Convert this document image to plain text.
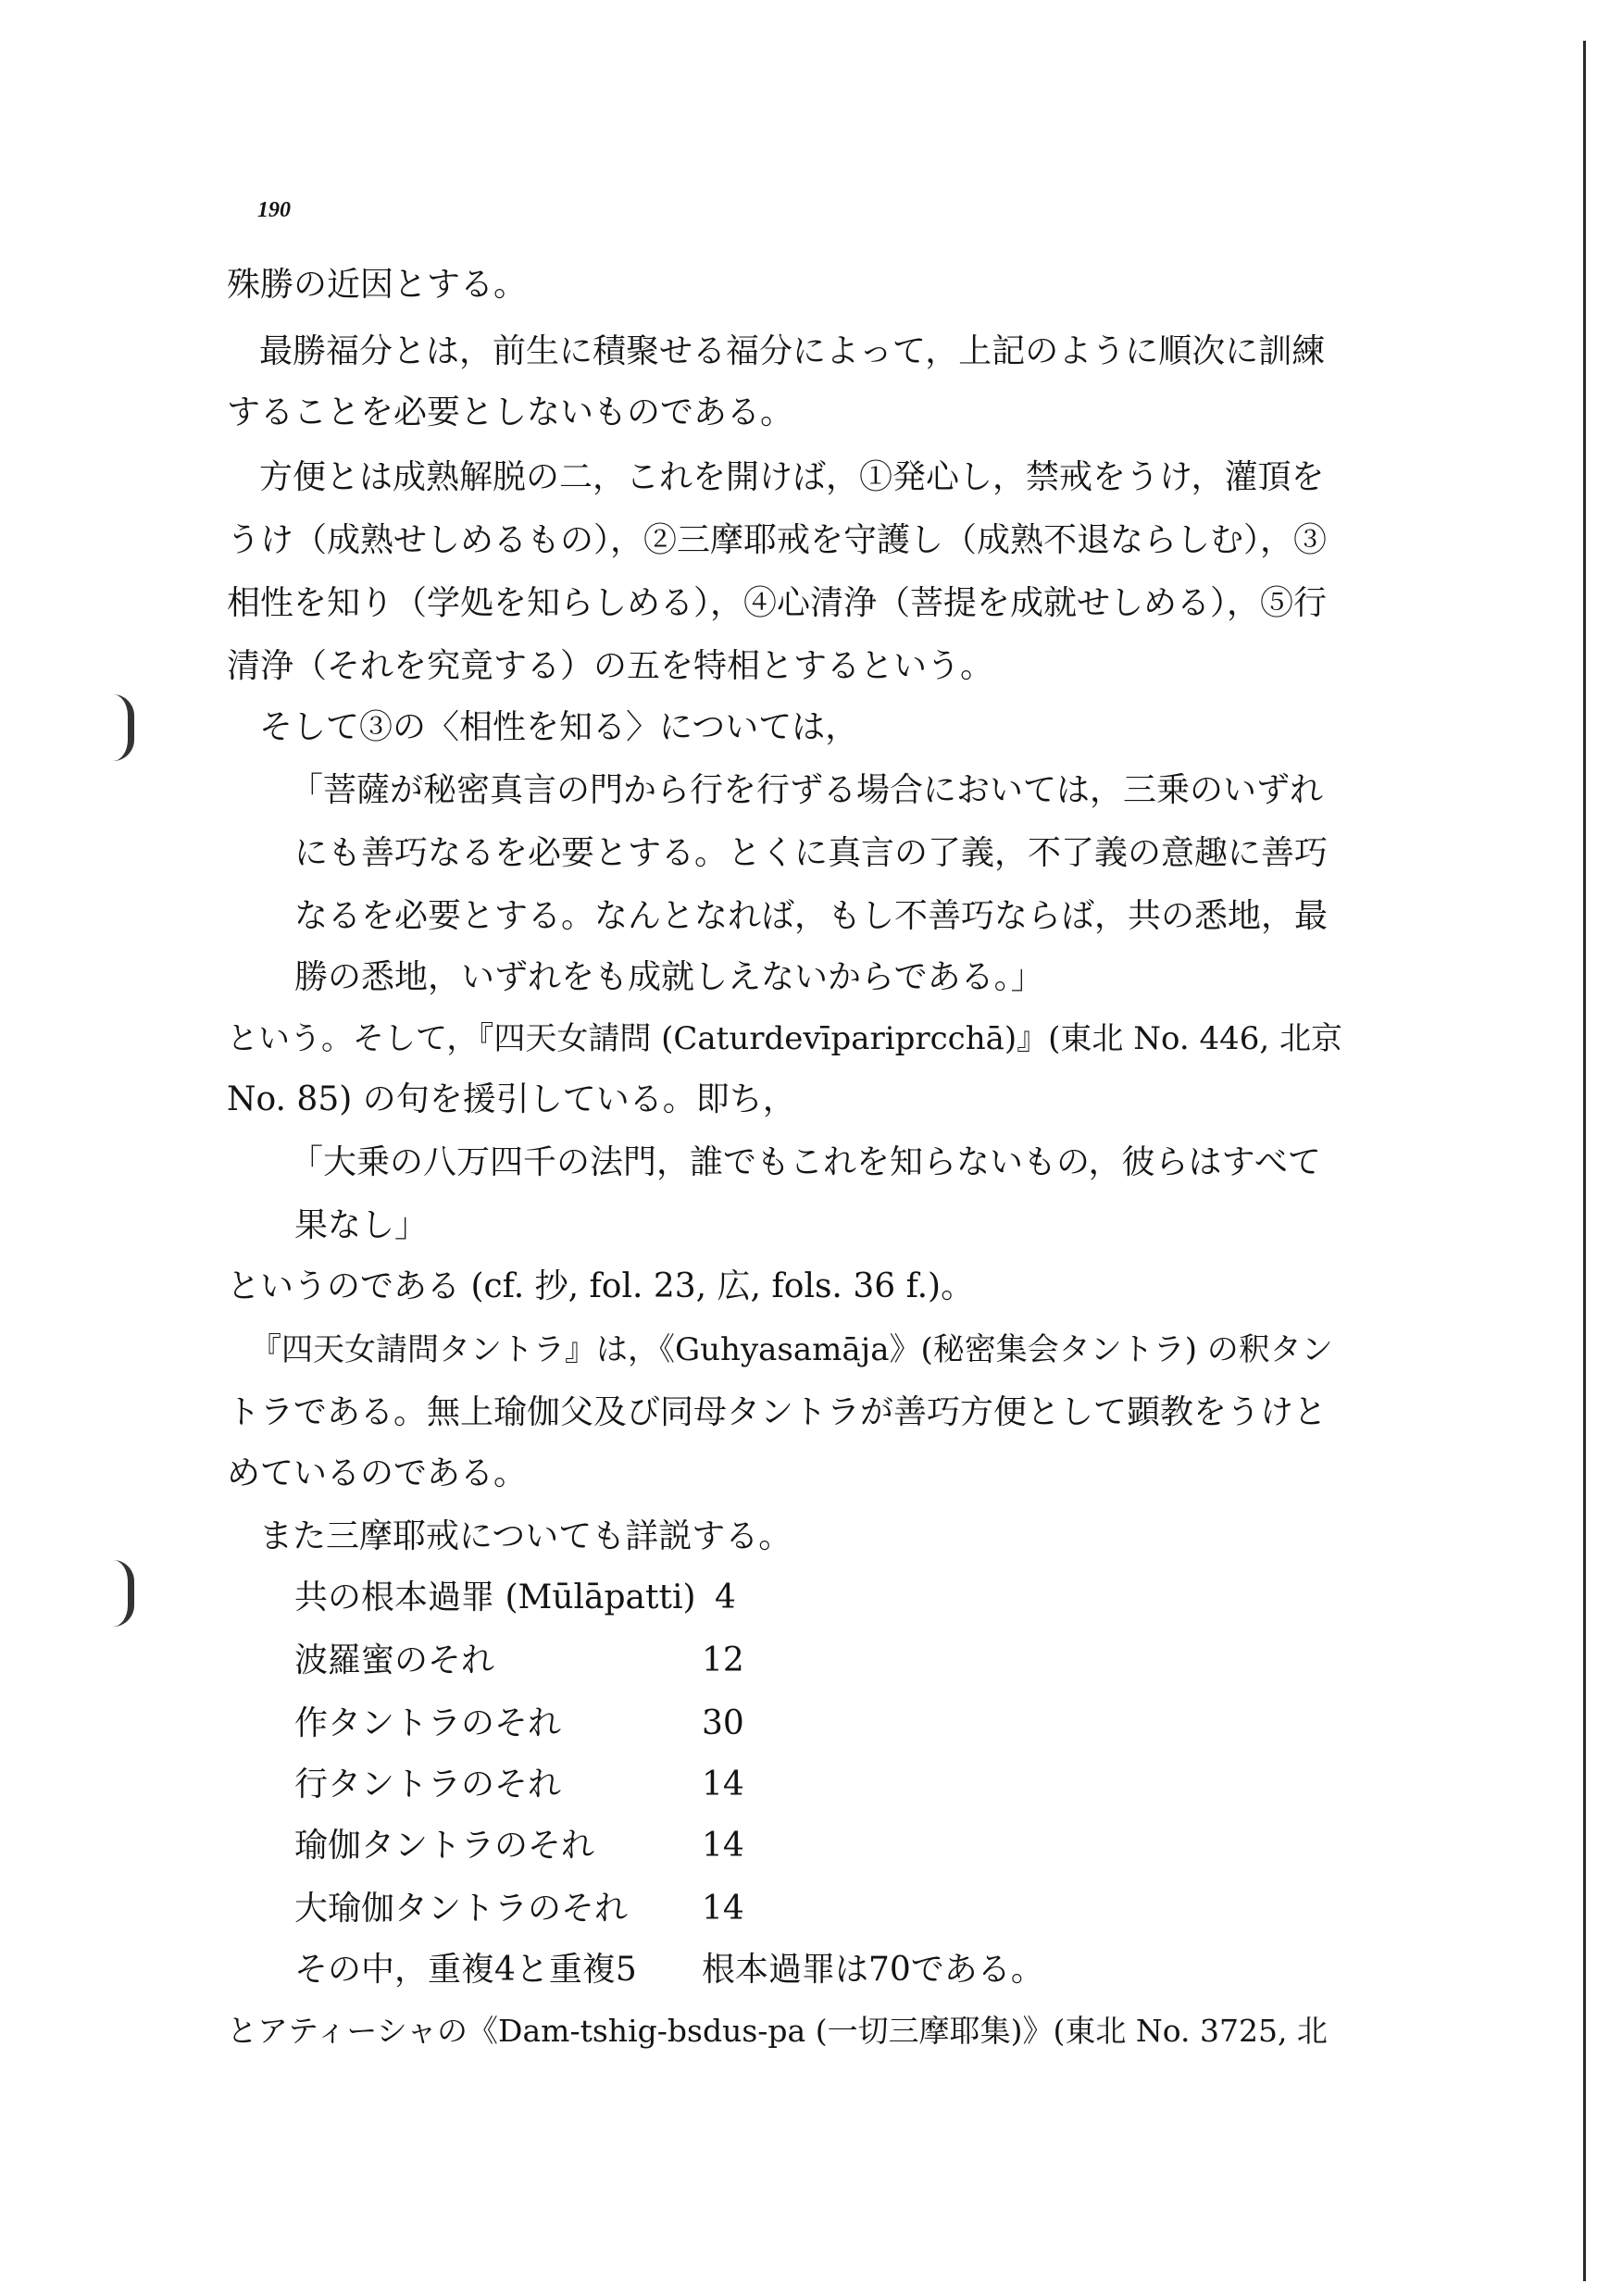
190
殊勝の近因とする。
最勝福分とは，前生に積聚せる福分によって，上記のように順次に訓練
することを必要としないものである。
方便とは成熟解脱の二，これを開けば，①発心し，禁戒をうけ，灌頂を
うけ（成熟せしめるもの），②三摩耶戒を守護し（成熟不退ならしむ），③
相性を知り（学処を知らしめる），④心清浄（菩提を成就せしめる），⑤行
清浄（それを究竟する）の五を特相とするという。
そして③の〈相性を知る〉については，
「菩薩が秘密真言の門から行を行ずる場合においては，三乗のいずれ
にも善巧なるを必要とする。とくに真言の了義，不了義の意趣に善巧
なるを必要とする。なんとなれば，もし不善巧ならば，共の悉地，最
勝の悉地，いずれをも成就しえないからである。」
という。そして，『四天女請問 (Caturdevīpariprcchā)』(東北 No. 446, 北京
No. 85) の句を援引している。即ち，
「大乗の八万四千の法門，誰でもこれを知らないもの，彼らはすべて
果なし」
というのである (cf. 抄, fol. 23, 広, fols. 36 f.)。
『四天女請問タントラ』は，《Guhyasamāja》(秘密集会タントラ) の釈タン
トラである。無上瑜伽父及び同母タントラが善巧方便として顕教をうけと
めているのである。
また三摩耶戒についても詳説する。
共の根本過罪 (Mūlāpatti) 4
波羅蜜のそれ	12
作タントラのそれ	30
行タントラのそれ	14
瑜伽タントラのそれ	14
大瑜伽タントラのそれ 14
その中，重複4と重複5 根本過罪は70である。
とアティーシャの《Dam-tshig-bsdus-pa (一切三摩耶集)》(東北 No. 3725, 北
